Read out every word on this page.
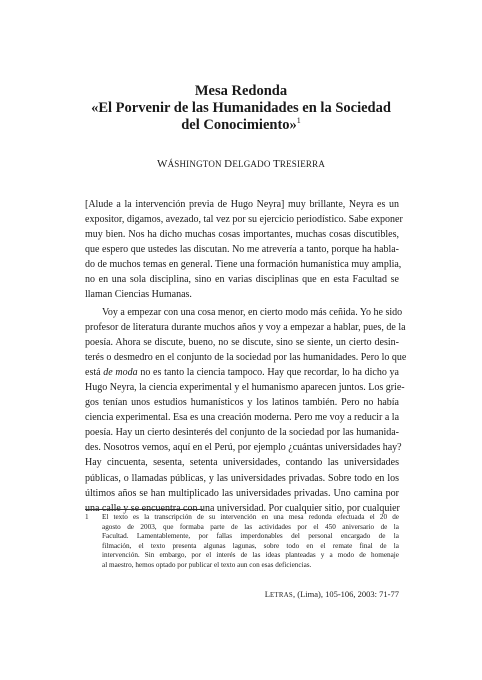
Mesa Redonda
«El Porvenir de las Humanidades en la Sociedad
del Conocimiento»$^1$
WÁSHINGTON DELGADO TRESIERRA
[Alude a la intervención previa de Hugo Neyra] muy brillante, Neyra es un
expositor, digamos, avezado, tal vez por su ejercicio periodístico. Sabe exponer
muy bien. Nos ha dicho muchas cosas importantes, muchas cosas discutibles,
que espero que ustedes las discutan. No me atrevería a tanto, porque ha habla-
do de muchos temas en general. Tiene una formación humanística muy amplia,
no en una sola disciplina, sino en varias disciplinas que en esta Facultad se
llaman Ciencias Humanas.
Voy a empezar con una cosa menor, en cierto modo más ceñida. Yo he sido
profesor de literatura durante muchos años y voy a empezar a hablar, pues, de la
poesía. Ahora se discute, bueno, no se discute, sino se siente, un cierto desin-
terés o desmedro en el conjunto de la sociedad por las humanidades. Pero lo que
está de moda no es tanto la ciencia tampoco. Hay que recordar, lo ha dicho ya
Hugo Neyra, la ciencia experimental y el humanismo aparecen juntos. Los grie-
gos tenían unos estudios humanísticos y los latinos también. Pero no había
ciencia experimental. Esa es una creación moderna. Pero me voy a reducir a la
poesía. Hay un cierto desinterés del conjunto de la sociedad por las humanida-
des. Nosotros vemos, aquí en el Perú, por ejemplo ¿cuántas universidades hay?
Hay cincuenta, sesenta, setenta universidades, contando las universidades
públicas, o llamadas públicas, y las universidades privadas. Sobre todo en los
últimos años se han multiplicado las universidades privadas. Uno camina por
una calle y se encuentra con una universidad. Por cualquier sitio, por cualquier
1 El texto es la transcripción de su intervención en una mesa redonda efectuada el 20 de
agosto de 2003, que formaba parte de las actividades por el 450 aniversario de la
Facultad. Lamentablemente, por fallas imperdonables del personal encargado de la
filmación, el texto presenta algunas lagunas, sobre todo en el remate final de la
intervención. Sin embargo, por el interés de las ideas planteadas y a modo de homenaje
al maestro, hemos optado por publicar el texto aun con esas deficiencias.
LETRAS, (Lima), 105-106, 2003: 71-77
